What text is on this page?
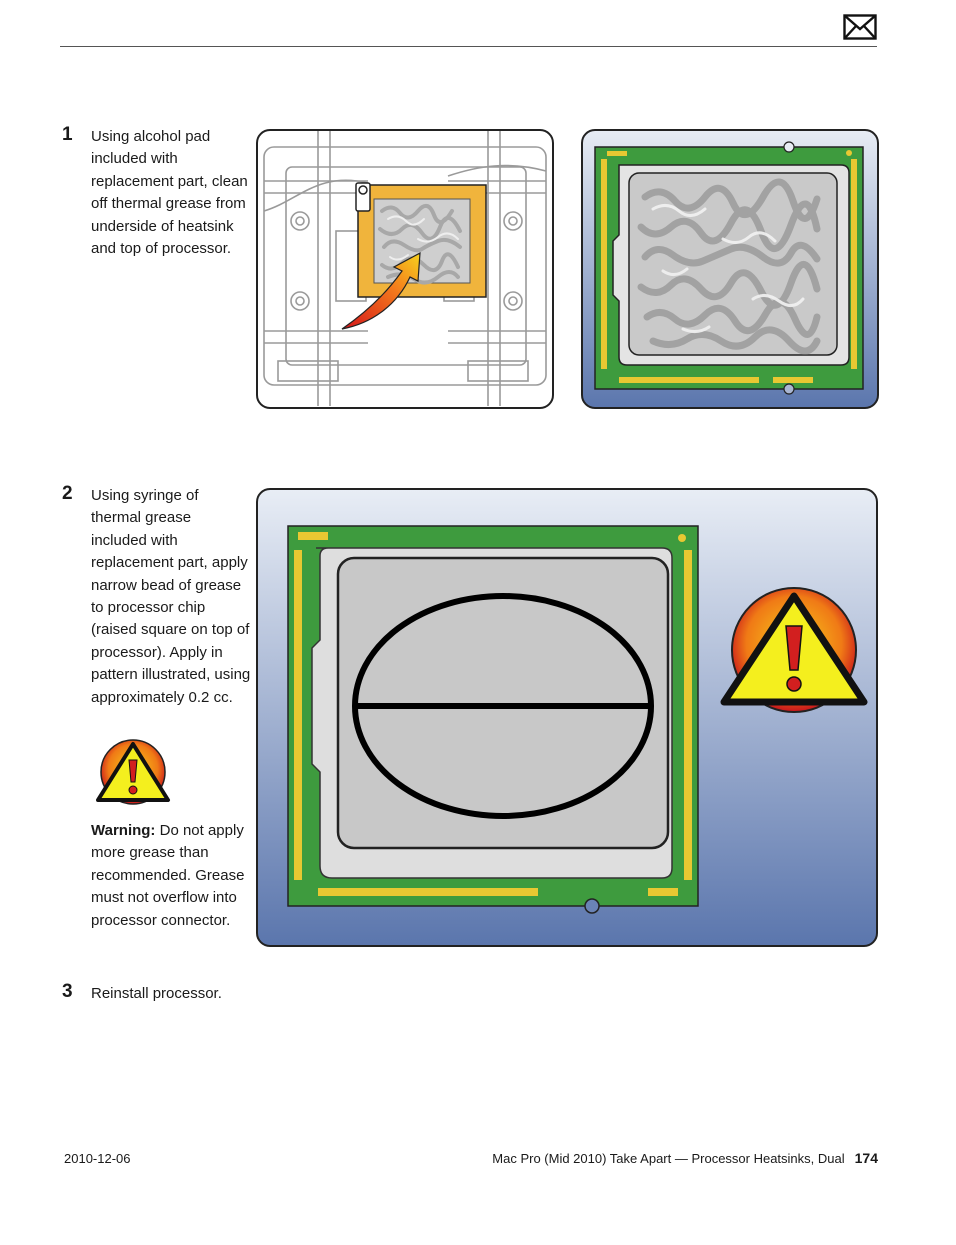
1 Using alcohol pad included with replacement part, clean off thermal grease from underside of heatsink and top of processor.
2 Using syringe of thermal grease included with replacement part, apply narrow bead of grease to processor chip (raised square on top of processor). Apply in pattern illustrated, using approximately 0.2 cc.
Warning: Do not apply more grease than recommended. Grease must not overflow into processor connector.
3 Reinstall processor.
2010-12-06	Mac Pro (Mid 2010) Take Apart — Processor Heatsinks, Dual 174
